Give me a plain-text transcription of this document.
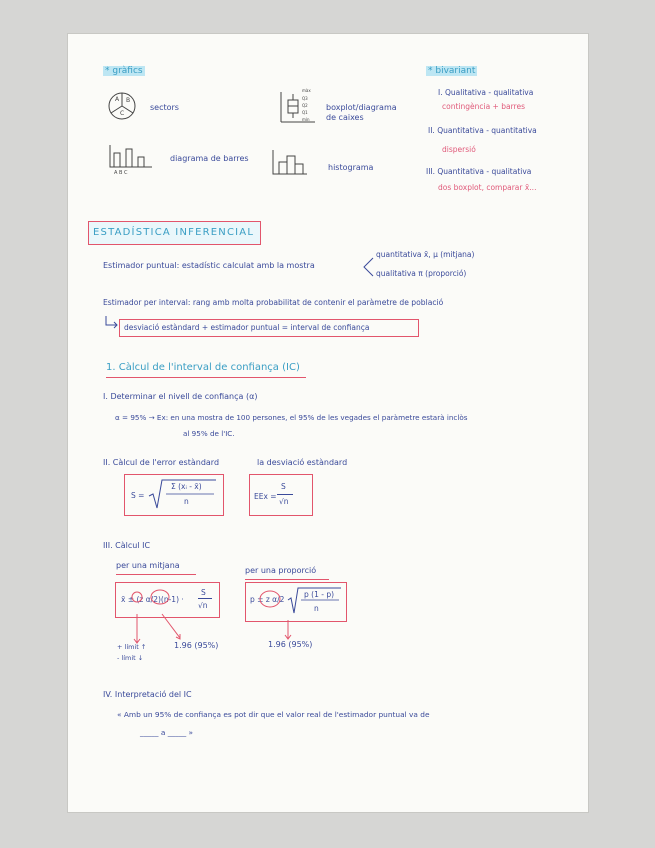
* gràfics
A B
C
sectors
màx
Q3
Q2
Q1
mín
boxplot/diagrama de caixes
A B C
diagrama de barres
histograma
* bivariant
I. Qualitativa - qualitativa
contingència + barres
II. Quantitativa - quantitativa
dispersió
III. Quantitativa - qualitativa
dos boxplot, comparar x̄...
ESTADÍSTICA INFERENCIAL
Estimador puntual: estadístic calculat amb la mostra
quantitativa x̄, μ (mitjana)
qualitativa π (proporció)
Estimador per interval: rang amb molta probabilitat de contenir el paràmetre de població
desviació estàndard + estimador puntual = interval de confiança
1. Càlcul de l'interval de confiança (IC)
I. Determinar el nivell de confiança (α)
α = 95% → Ex: en una mostra de 100 persones, el 95% de les vegades el paràmetre estarà inclòs
al 95% de l'IC.
II. Càlcul de l'error estàndard	la desviació estàndard
S =
Σ (xᵢ - x̄)
n
EEx =
S
√n
III. Càlcul IC
per una mitjana
per una proporció
x̄ ± (z α/2)(n-1) ·
S
√n
p ± z α/2
p (1 - p)
n
+ límit ↑
- límit ↓
1.96 (95%)	1.96 (95%)
IV. Interpretació del IC
« Amb un 95% de confiança es pot dir que el valor real de l'estimador puntual va de
_____ a _____ »
